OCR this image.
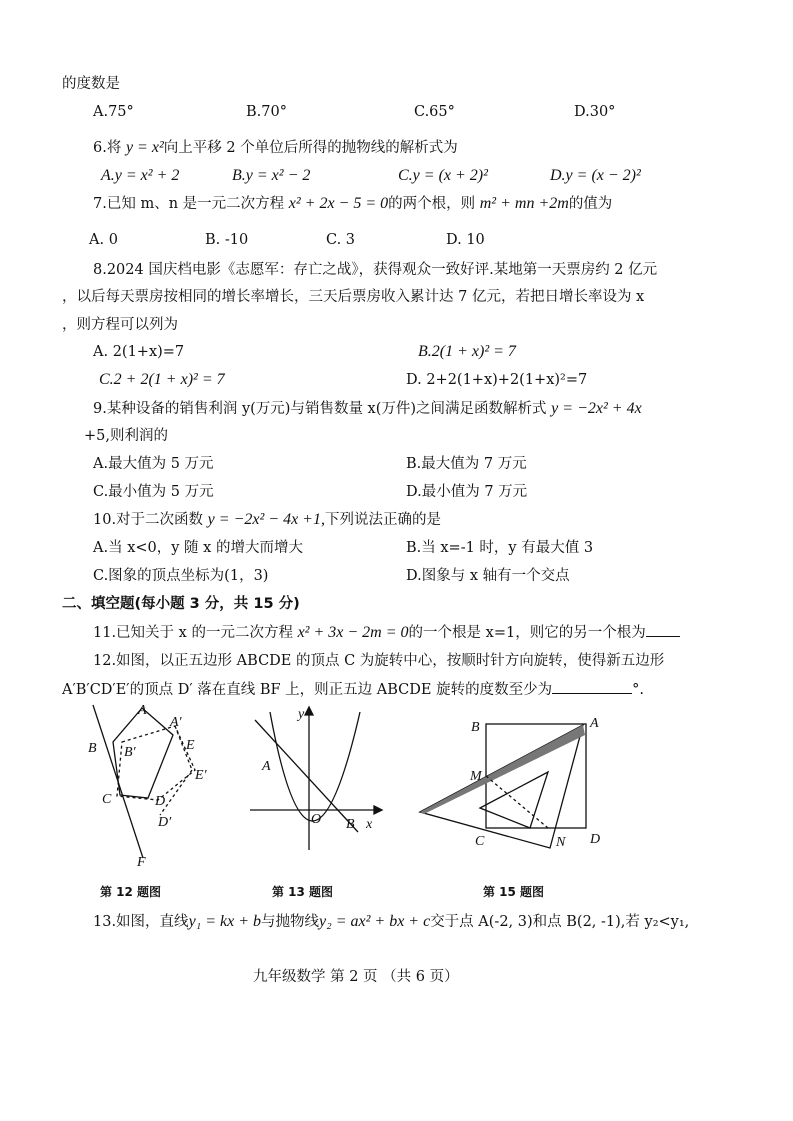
的度数是
A.75°	B.70°	C.65°	D.30°
6.将 y = x²向上平移 2 个单位后所得的抛物线的解析式为
A.y = x² + 2	B.y = x² − 2	C.y = (x + 2)²	D.y = (x − 2)²
7.已知 m、n 是一元二次方程 x² + 2x − 5 = 0的两个根，则 m² + mn +2m的值为
A. 0	B. -10	C. 3	D. 10
8.2024 国庆档电影《志愿军：存亡之战》，获得观众一致好评.某地第一天票房约 2 亿元
，以后每天票房按相同的增长率增长，三天后票房收入累计达 7 亿元，若把日增长率设为 x
，则方程可以列为
A. 2(1+x)=7	B.2(1 + x)² = 7
C.2 + 2(1 + x)² = 7	D. 2+2(1+x)+2(1+x)²=7
9.某种设备的销售利润 y(万元)与销售数量 x(万件)之间满足函数解析式 y = −2x² + 4x
+5,则利润的
A.最大值为 5 万元	B.最大值为 7 万元
C.最小值为 5 万元	D.最小值为 7 万元
10.对于二次函数 y = −2x² − 4x +1,下列说法正确的是
A.当 x<0，y 随 x 的增大而增大	B.当 x=-1 时，y 有最大值 3
C.图象的顶点坐标为(1，3)	D.图象与 x 轴有一个交点
二、填空题(每小题 3 分，共 15 分)
11.已知关于 x 的一元二次方程 x² + 3x − 2m = 0的一个根是 x=1，则它的另一个根为
12.如图，以正五边形 ABCDE 的顶点 C 为旋转中心，按顺时针方向旋转，使得新五边形
A′B′CD′E′的顶点 D′ 落在直线 BF 上，则正五边 ABCDE 旋转的度数至少为	°.
A
A′
B B′	E
E′
C	D
D′
F
y
x
O
A
B
B	A
M
C	N D
第 12 题图	第 13 题图	第 15 题图
13.如图，直线y₁ = kx + b与抛物线y₂ = ax² + bx + c交于点 A(-2, 3)和点 B(2, -1),若 y₂<y₁,
九年级数学 第 2 页 （共 6 页）
